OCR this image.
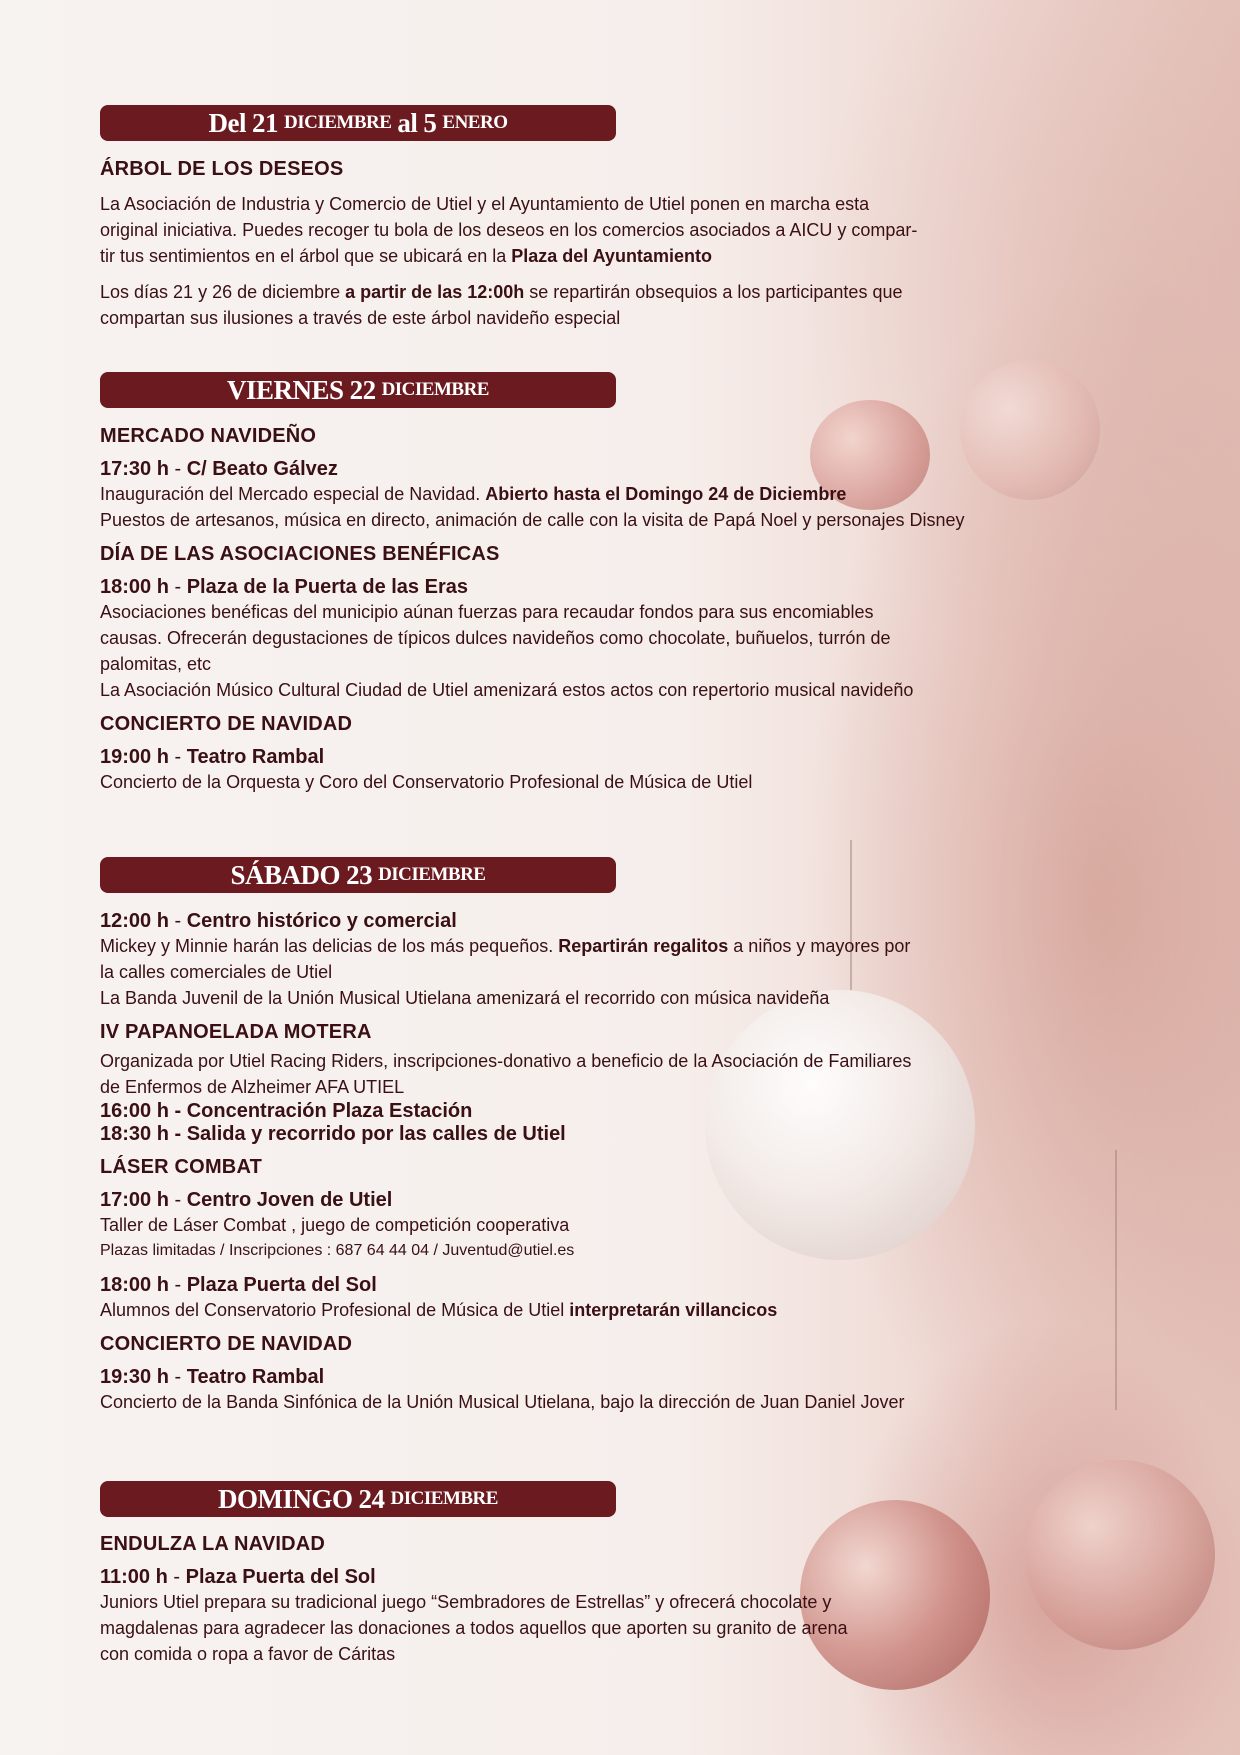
Del 21 DICIEMBRE al 5 ENERO

ÁRBOL DE LOS DESEOS

La Asociación de Industria y Comercio de Utiel y el Ayuntamiento de Utiel ponen en marcha esta

original iniciativa. Puedes recoger tu bola de los deseos en los comercios asociados a AICU y compar-

tir tus sentimientos en el árbol que se ubicará en la Plaza del Ayuntamiento

Los días 21 y 26 de diciembre a partir de las 12:00h se repartirán obsequios a los participantes que

compartan sus ilusiones a través de este árbol navideño especial

VIERNES 22 DICIEMBRE

MERCADO NAVIDEÑO

17:30 h - C/ Beato Gálvez

Inauguración del Mercado especial de Navidad. Abierto hasta el Domingo 24 de Diciembre

Puestos de artesanos, música en directo, animación de calle con la visita de Papá Noel y personajes Disney

DÍA DE LAS ASOCIACIONES BENÉFICAS

18:00 h - Plaza de la Puerta de las Eras

Asociaciones benéficas del municipio aúnan fuerzas para recaudar fondos para sus encomiables

causas. Ofrecerán degustaciones de típicos dulces navideños como chocolate, buñuelos, turrón de

palomitas, etc

La Asociación Músico Cultural Ciudad de Utiel amenizará estos actos con repertorio musical navideño

CONCIERTO DE NAVIDAD

19:00 h - Teatro Rambal

Concierto de la Orquesta y Coro del Conservatorio Profesional de Música de Utiel

SÁBADO 23 DICIEMBRE

12:00 h - Centro histórico y comercial

Mickey y Minnie harán las delicias de los más pequeños. Repartirán regalitos a niños y mayores por

la calles comerciales de Utiel

La Banda Juvenil de la Unión Musical Utielana amenizará el recorrido con música navideña

IV PAPANOELADA MOTERA

Organizada por Utiel Racing Riders, inscripciones-donativo a beneficio de la Asociación de Familiares

de Enfermos de Alzheimer AFA UTIEL

16:00 h - Concentración Plaza Estación

18:30 h - Salida y recorrido por las calles de Utiel

LÁSER COMBAT

17:00 h - Centro Joven de Utiel

Taller de Láser Combat , juego de competición cooperativa

Plazas limitadas / Inscripciones : 687 64 44 04 / Juventud@utiel.es

18:00 h - Plaza Puerta del Sol

Alumnos del Conservatorio Profesional de Música de Utiel interpretarán villancicos

CONCIERTO DE NAVIDAD

19:30 h - Teatro Rambal

Concierto de la Banda Sinfónica de la Unión Musical Utielana, bajo la dirección de Juan Daniel Jover

DOMINGO 24 DICIEMBRE

ENDULZA LA NAVIDAD

11:00 h - Plaza Puerta del Sol

Juniors Utiel prepara su tradicional juego “Sembradores de Estrellas” y ofrecerá chocolate y

magdalenas para agradecer las donaciones a todos aquellos que aporten su granito de arena

con comida o ropa a favor de Cáritas
